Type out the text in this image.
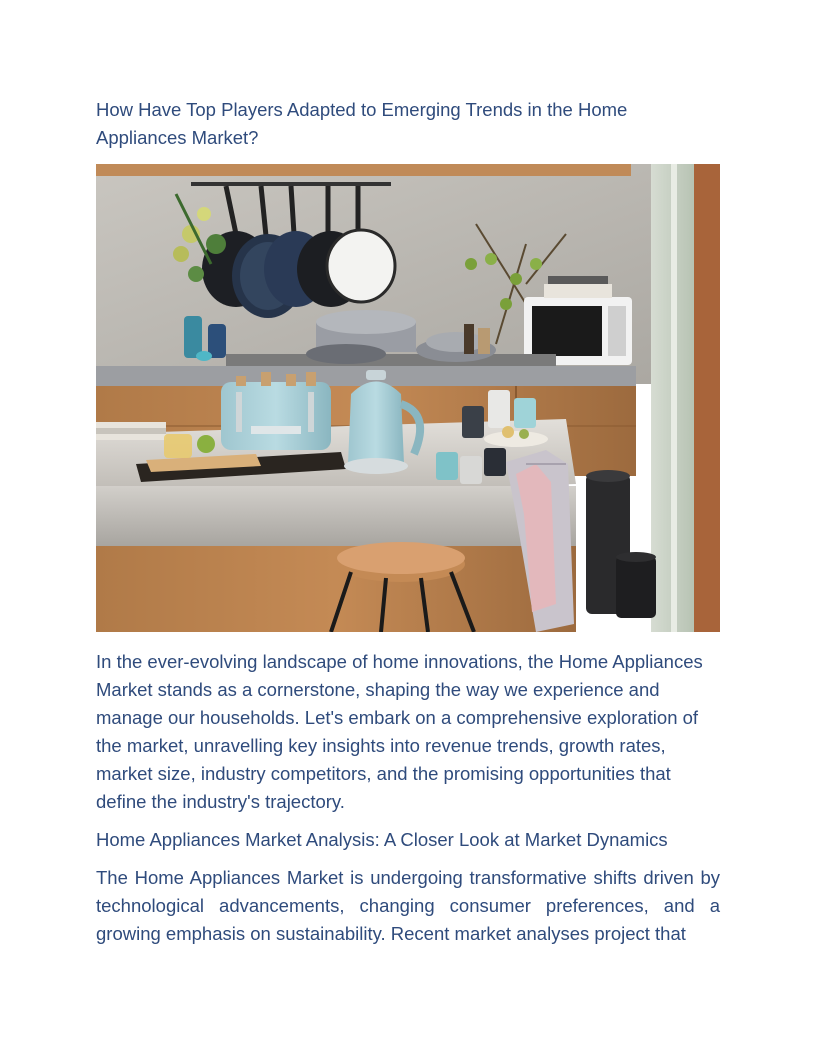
How Have Top Players Adapted to Emerging Trends in the Home Appliances Market?

In the ever-evolving landscape of home innovations, the Home Appliances Market stands as a cornerstone, shaping the way we experience and manage our households. Let's embark on a comprehensive exploration of the market, unravelling key insights into revenue trends, growth rates, market size, industry competitors, and the promising opportunities that define the industry's trajectory.

Home Appliances Market Analysis: A Closer Look at Market Dynamics

The Home Appliances Market is undergoing transformative shifts driven by technological advancements, changing consumer preferences, and a growing emphasis on sustainability. Recent market analyses project that
